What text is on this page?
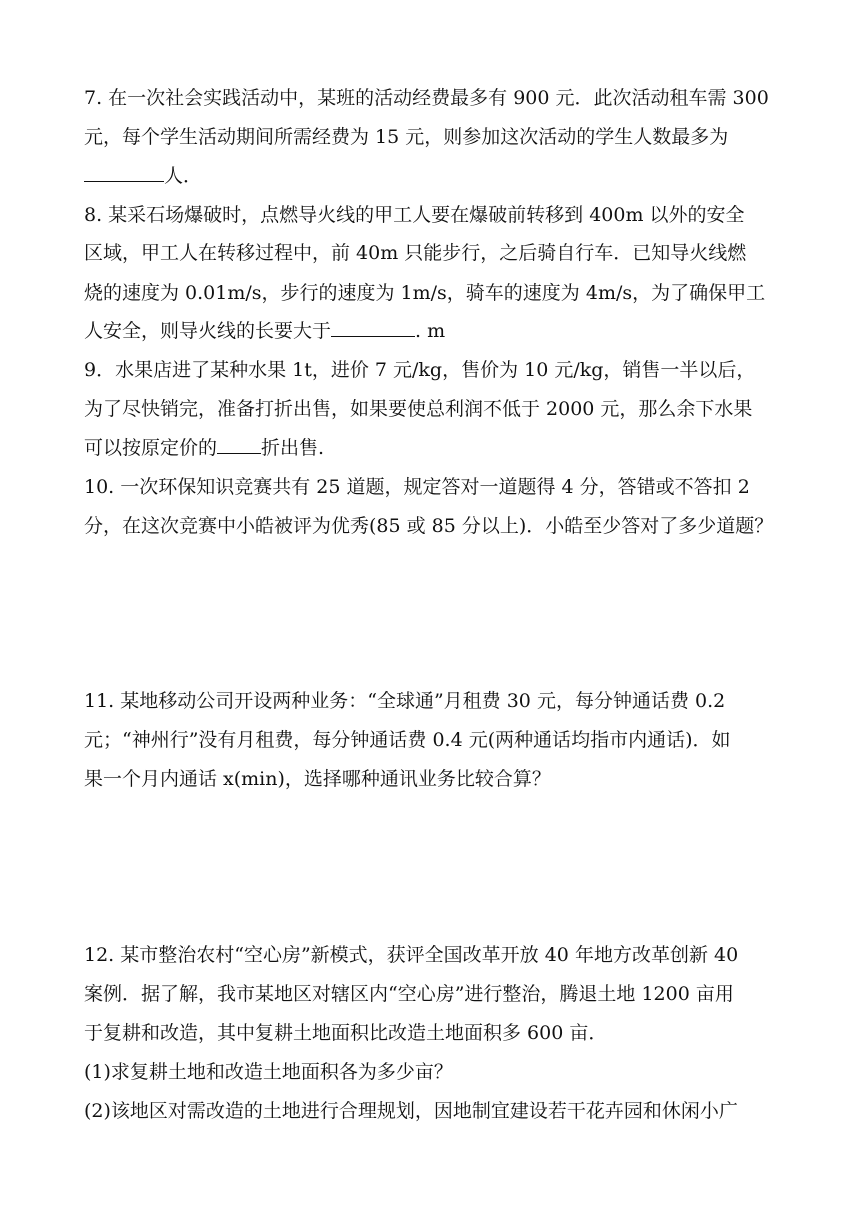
7. 在一次社会实践活动中，某班的活动经费最多有 900 元．此次活动租车需 300
元，每个学生活动期间所需经费为 15 元，则参加这次活动的学生人数最多为
人．
8. 某采石场爆破时，点燃导火线的甲工人要在爆破前转移到 400m 以外的安全
区域，甲工人在转移过程中，前 40m 只能步行，之后骑自行车．已知导火线燃
烧的速度为 0.01m/s，步行的速度为 1m/s，骑车的速度为 4m/s，为了确保甲工
人安全，则导火线的长要大于	. m
9．水果店进了某种水果 1t，进价 7 元/kg，售价为 10 元/kg，销售一半以后，
为了尽快销完，准备打折出售，如果要使总利润不低于 2000 元，那么余下水果
可以按原定价的 折出售.
10. 一次环保知识竞赛共有 25 道题，规定答对一道题得 4 分，答错或不答扣 2
分，在这次竞赛中小皓被评为优秀(85 或 85 分以上)．小皓至少答对了多少道题？
11. 某地移动公司开设两种业务：“全球通”月租费 30 元，每分钟通话费 0.2
元；“神州行”没有月租费，每分钟通话费 0.4 元(两种通话均指市内通话)．如
果一个月内通话 x(min)，选择哪种通讯业务比较合算？
12. 某市整治农村“空心房”新模式，获评全国改革开放 40 年地方改革创新 40
案例．据了解，我市某地区对辖区内“空心房”进行整治，腾退土地 1200 亩用
于复耕和改造，其中复耕土地面积比改造土地面积多 600 亩．
(1)求复耕土地和改造土地面积各为多少亩？
(2)该地区对需改造的土地进行合理规划，因地制宜建设若干花卉园和休闲小广
